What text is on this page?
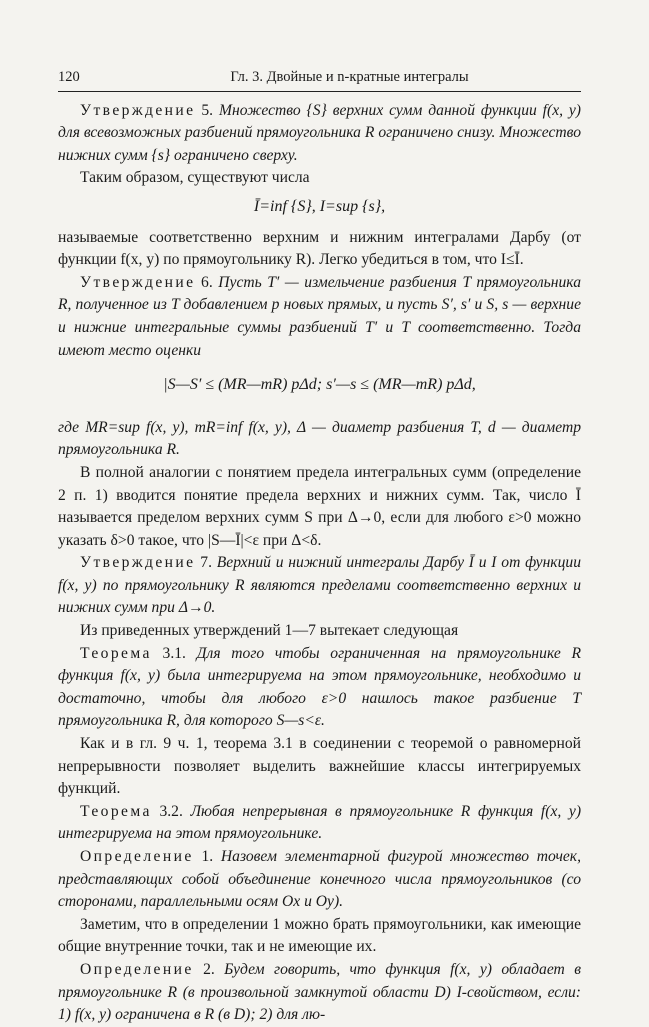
120	Гл. 3. Двойные и n-кратные интегралы

Утверждение 5. Множество {S} верхних сумм данной функции f(x, y) для всевозможных разбиений прямоугольника R ограничено снизу. Множество нижних сумм {s} ограничено сверху.

Таким образом, существуют числа

Ī=inf {S}, I=sup {s},

называемые соответственно верхним и нижним интегралами Дарбу (от функции f(x, y) по прямоугольнику R). Легко убедиться в том, что I≤Ī.

Утверждение 6. Пусть T′ — измельчение разбиения T прямоугольника R, полученное из T добавлением p новых прямых, и пусть S′, s′ и S, s — верхние и нижние интегральные суммы разбиений T′ и T соответственно. Тогда имеют место оценки

|S—S′ ≤ (MR—mR) pΔd; s′—s ≤ (MR—mR) pΔd,

где MR=sup f(x, y), mR=inf f(x, y), Δ — диаметр разбиения T, d — диаметр прямоугольника R.

В полной аналогии с понятием предела интегральных сумм (определение 2 п. 1) вводится понятие предела верхних и нижних сумм. Так, число Ī называется пределом верхних сумм S при Δ→0, если для любого ε>0 можно указать δ>0 такое, что |S—Ī|<ε при Δ<δ.

Утверждение 7. Верхний и нижний интегралы Дарбу Ī и I от функции f(x, y) по прямоугольнику R являются пределами соответственно верхних и нижних сумм при Δ→0.

Из приведенных утверждений 1—7 вытекает следующая

Теорема 3.1. Для того чтобы ограниченная на прямоугольнике R функция f(x, y) была интегрируема на этом прямоугольнике, необходимо и достаточно, чтобы для любого ε>0 нашлось такое разбиение T прямоугольника R, для которого S—s<ε.

Как и в гл. 9 ч. 1, теорема 3.1 в соединении с теоремой о равномерной непрерывности позволяет выделить важнейшие классы интегрируемых функций.

Теорема 3.2. Любая непрерывная в прямоугольнике R функция f(x, y) интегрируема на этом прямоугольнике.

Определение 1. Назовем элементарной фигурой множество точек, представляющих собой объединение конечного числа прямоугольников (со сторонами, параллельными осям Ox и Oy).

Заметим, что в определении 1 можно брать прямоугольники, как имеющие общие внутренние точки, так и не имеющие их.

Определение 2. Будем говорить, что функция f(x, y) обладает в прямоугольнике R (в произвольной замкнутой области D) I-свойством, если: 1) f(x, y) ограничена в R (в D); 2) для лю-
